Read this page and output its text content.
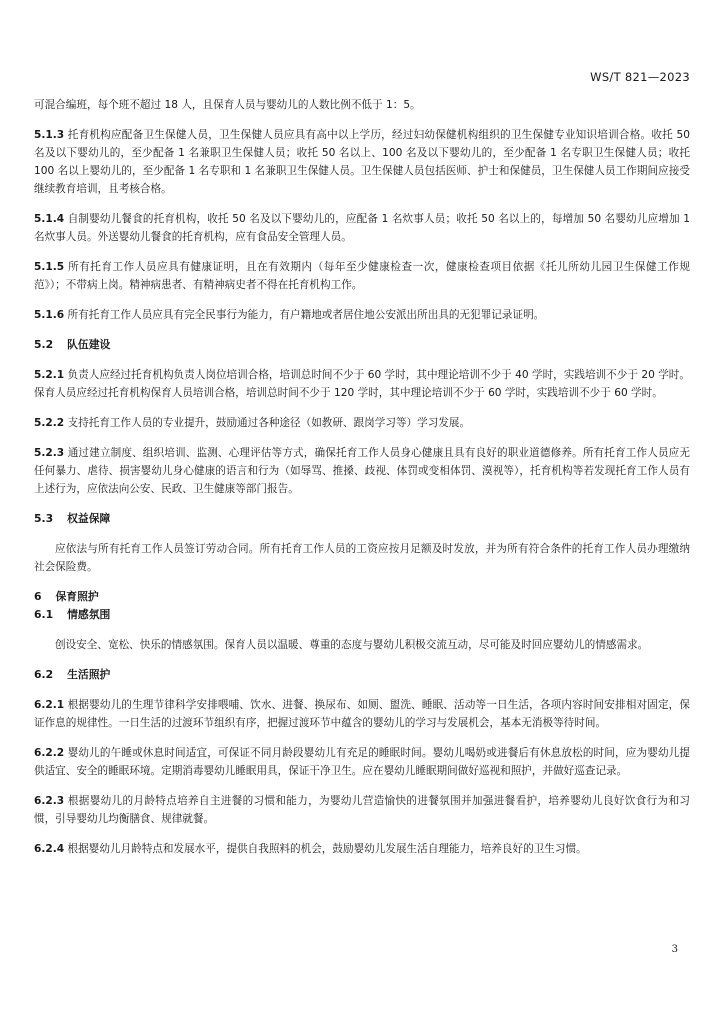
WS/T 821—2023

可混合编班，每个班不超过 18 人，且保育人员与婴幼儿的人数比例不低于 1：5。

5.1.3 托育机构应配备卫生保健人员，卫生保健人员应具有高中以上学历，经过妇幼保健机构组织的卫生保健专业知识培训合格。收托 50 名及以下婴幼儿的，至少配备 1 名兼职卫生保健人员；收托 50 名以上、100 名及以下婴幼儿的，至少配备 1 名专职卫生保健人员；收托 100 名以上婴幼儿的，至少配备 1 名专职和 1 名兼职卫生保健人员。卫生保健人员包括医师、护士和保健员，卫生保健人员工作期间应接受继续教育培训，且考核合格。

5.1.4 自制婴幼儿餐食的托育机构，收托 50 名及以下婴幼儿的，应配备 1 名炊事人员；收托 50 名以上的，每增加 50 名婴幼儿应增加 1 名炊事人员。外送婴幼儿餐食的托育机构，应有食品安全管理人员。

5.1.5 所有托育工作人员应具有健康证明，且在有效期内（每年至少健康检查一次，健康检查项目依据《托儿所幼儿园卫生保健工作规范》）；不带病上岗。精神病患者、有精神病史者不得在托育机构工作。

5.1.6 所有托育工作人员应具有完全民事行为能力，有户籍地或者居住地公安派出所出具的无犯罪记录证明。

5.2 队伍建设

5.2.1 负责人应经过托育机构负责人岗位培训合格，培训总时间不少于 60 学时，其中理论培训不少于 40 学时，实践培训不少于 20 学时。保育人员应经过托育机构保育人员培训合格，培训总时间不少于 120 学时，其中理论培训不少于 60 学时，实践培训不少于 60 学时。

5.2.2 支持托育工作人员的专业提升，鼓励通过各种途径（如教研、跟岗学习等）学习发展。

5.2.3 通过建立制度、组织培训、监测、心理评估等方式，确保托育工作人员身心健康且具有良好的职业道德修养。所有托育工作人员应无任何暴力、虐待、损害婴幼儿身心健康的语言和行为（如辱骂、推搡、歧视、体罚或变相体罚、漠视等），托育机构等若发现托育工作人员有上述行为，应依法向公安、民政、卫生健康等部门报告。

5.3 权益保障

应依法与所有托育工作人员签订劳动合同。所有托育工作人员的工资应按月足额及时发放，并为所有符合条件的托育工作人员办理缴纳社会保险费。

6 保育照护
6.1 情感氛围

创设安全、宽松、快乐的情感氛围。保育人员以温暖、尊重的态度与婴幼儿积极交流互动，尽可能及时回应婴幼儿的情感需求。

6.2 生活照护

6.2.1 根据婴幼儿的生理节律科学安排喂哺、饮水、进餐、换尿布、如厕、盥洗、睡眠、活动等一日生活，各项内容时间安排相对固定，保证作息的规律性。一日生活的过渡环节组织有序，把握过渡环节中蕴含的婴幼儿的学习与发展机会，基本无消极等待时间。

6.2.2 婴幼儿的午睡或休息时间适宜，可保证不同月龄段婴幼儿有充足的睡眠时间。婴幼儿喝奶或进餐后有休息放松的时间，应为婴幼儿提供适宜、安全的睡眠环境。定期消毒婴幼儿睡眠用具，保证干净卫生。应在婴幼儿睡眠期间做好巡视和照护，并做好巡查记录。

6.2.3 根据婴幼儿的月龄特点培养自主进餐的习惯和能力，为婴幼儿营造愉快的进餐氛围并加强进餐看护，培养婴幼儿良好饮食行为和习惯，引导婴幼儿均衡膳食、规律就餐。

6.2.4 根据婴幼儿月龄特点和发展水平，提供自我照料的机会，鼓励婴幼儿发展生活自理能力，培养良好的卫生习惯。

3
